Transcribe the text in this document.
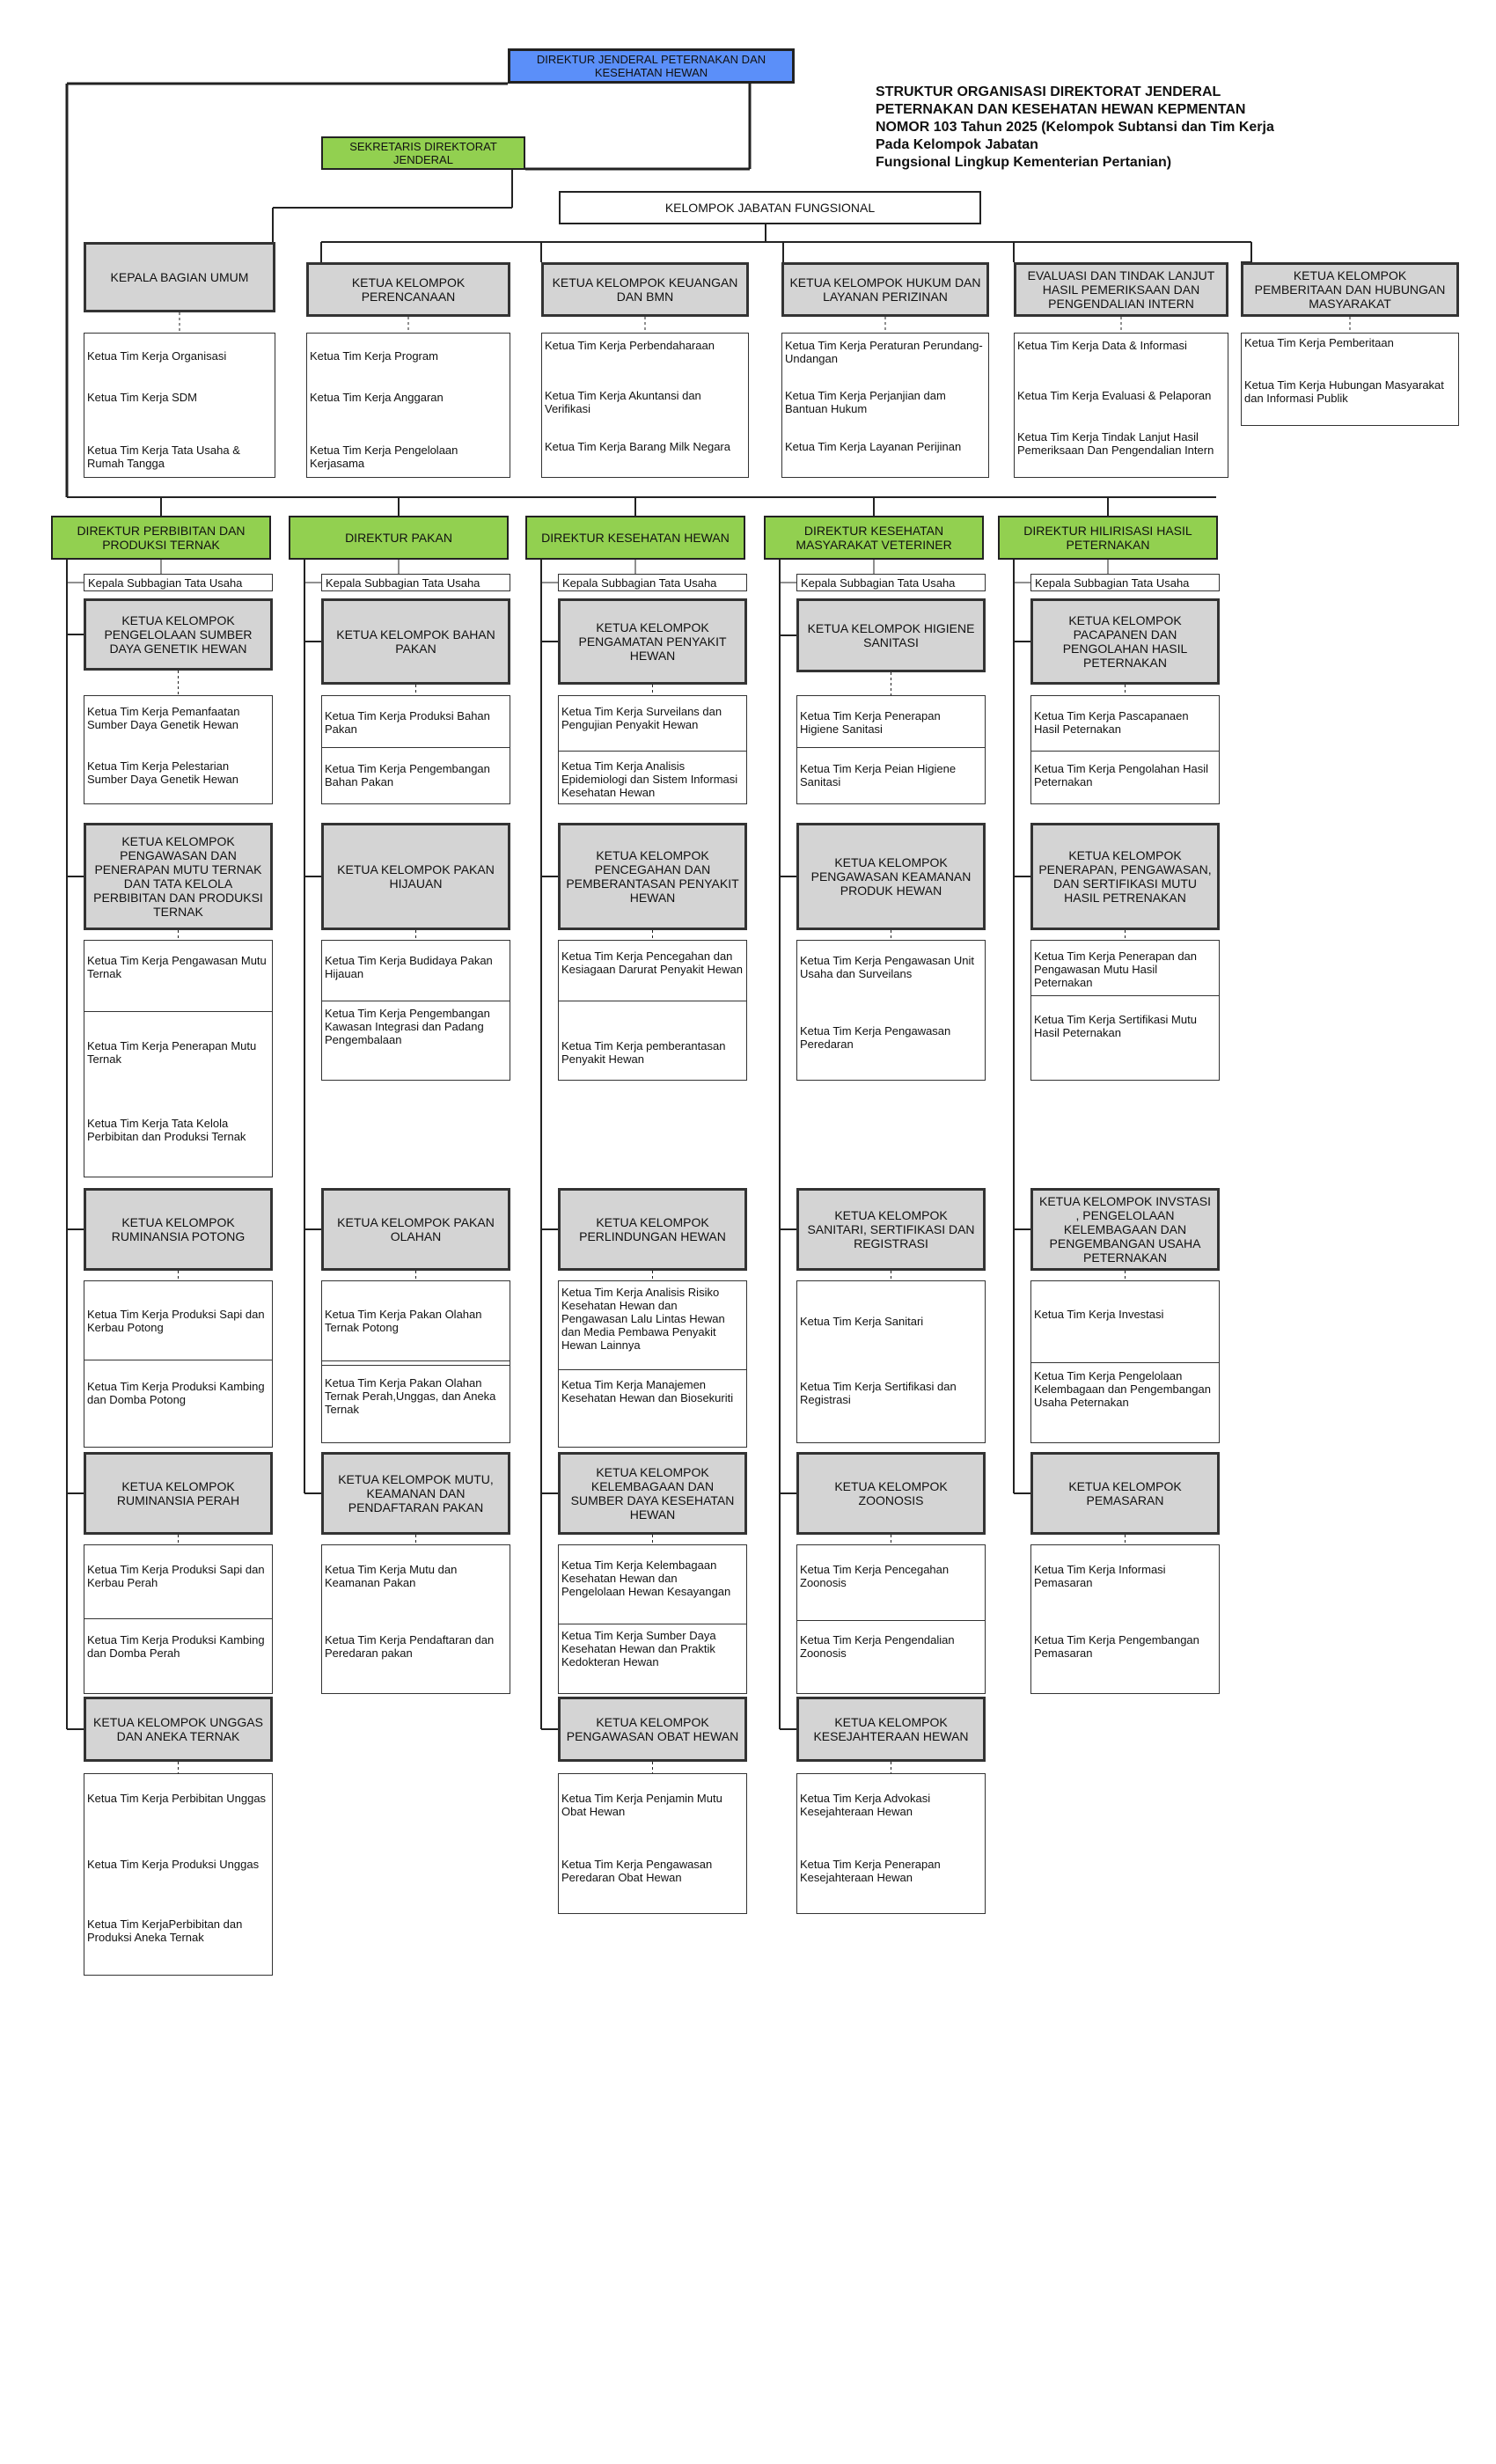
STRUKTUR ORGANISASI DIREKTORAT JENDERAL
PETERNAKAN DAN KESEHATAN HEWAN KEPMENTAN
NOMOR 103 Tahun 2025 (Kelompok Subtansi dan Tim Kerja
Pada Kelompok Jabatan
Fungsional Lingkup Kementerian Pertanian)
DIREKTUR JENDERAL PETERNAKAN DAN KESEHATAN HEWAN
SEKRETARIS DIREKTORAT JENDERAL
KELOMPOK JABATAN FUNGSIONAL
KEPALA BAGIAN UMUM
Ketua Tim Kerja Organisasi
Ketua Tim Kerja SDM
Ketua Tim Kerja Tata Usaha & Rumah Tangga
KETUA KELOMPOK PERENCANAAN
Ketua Tim Kerja Program
Ketua Tim Kerja Anggaran
Ketua Tim Kerja Pengelolaan Kerjasama
KETUA KELOMPOK KEUANGAN DAN BMN
Ketua Tim Kerja Perbendaharaan
Ketua Tim Kerja Akuntansi dan Verifikasi
Ketua Tim Kerja Barang Milk Negara
KETUA KELOMPOK HUKUM DAN LAYANAN PERIZINAN
Ketua Tim Kerja Peraturan Perundang-Undangan
Ketua Tim Kerja Perjanjian dam Bantuan Hukum
Ketua Tim Kerja Layanan Perijinan
EVALUASI DAN TINDAK LANJUT HASIL PEMERIKSAAN DAN PENGENDALIAN INTERN
Ketua Tim Kerja Data & Informasi
Ketua Tim Kerja Evaluasi & Pelaporan
Ketua Tim Kerja Tindak Lanjut Hasil Pemeriksaan Dan Pengendalian Intern
KETUA KELOMPOK PEMBERITAAN DAN HUBUNGAN MASYARAKAT
Ketua Tim Kerja Pemberitaan
Ketua Tim Kerja Hubungan Masyarakat dan Informasi Publik
DIREKTUR PERBIBITAN DAN PRODUKSI TERNAK
Kepala Subbagian Tata Usaha
KETUA KELOMPOK PENGELOLAAN SUMBER DAYA GENETIK HEWAN
Ketua Tim Kerja Pemanfaatan Sumber Daya Genetik Hewan
Ketua Tim Kerja Pelestarian Sumber Daya Genetik Hewan
KETUA KELOMPOK PENGAWASAN DAN PENERAPAN MUTU TERNAK DAN TATA KELOLA PERBIBITAN DAN PRODUKSI TERNAK
Ketua Tim Kerja Pengawasan Mutu Ternak
Ketua Tim Kerja Penerapan Mutu Ternak
Ketua Tim Kerja Tata Kelola Perbibitan dan Produksi Ternak
KETUA KELOMPOK RUMINANSIA POTONG
Ketua Tim Kerja Produksi Sapi dan Kerbau Potong
Ketua Tim Kerja Produksi Kambing dan Domba Potong
KETUA KELOMPOK RUMINANSIA PERAH
Ketua Tim Kerja Produksi Sapi dan Kerbau Perah
Ketua Tim Kerja Produksi Kambing dan Domba Perah
KETUA KELOMPOK UNGGAS DAN ANEKA TERNAK
Ketua Tim Kerja Perbibitan Unggas
Ketua Tim Kerja Produksi Unggas
Ketua Tim KerjaPerbibitan dan Produksi Aneka Ternak
DIREKTUR PAKAN
Kepala Subbagian Tata Usaha
KETUA KELOMPOK BAHAN PAKAN
Ketua Tim Kerja Produksi Bahan Pakan
Ketua Tim Kerja Pengembangan Bahan Pakan
KETUA KELOMPOK PAKAN HIJAUAN
Ketua Tim Kerja Budidaya Pakan Hijauan
Ketua Tim Kerja Pengembangan Kawasan Integrasi dan Padang Pengembalaan
KETUA KELOMPOK PAKAN OLAHAN
Ketua Tim Kerja Pakan Olahan Ternak Potong
Ketua Tim Kerja Pakan Olahan Ternak Perah,Unggas, dan Aneka Ternak
KETUA KELOMPOK MUTU, KEAMANAN DAN PENDAFTARAN PAKAN
Ketua Tim Kerja Mutu dan Keamanan Pakan
Ketua Tim Kerja Pendaftaran dan Peredaran pakan
DIREKTUR KESEHATAN HEWAN
Kepala Subbagian Tata Usaha
KETUA KELOMPOK PENGAMATAN PENYAKIT HEWAN
Ketua Tim Kerja Surveilans dan Pengujian Penyakit Hewan
Ketua Tim Kerja Analisis Epidemiologi dan Sistem Informasi Kesehatan Hewan
KETUA KELOMPOK PENCEGAHAN DAN PEMBERANTASAN PENYAKIT HEWAN
Ketua Tim Kerja Pencegahan dan Kesiagaan Darurat Penyakit Hewan
Ketua Tim Kerja pemberantasan Penyakit Hewan
KETUA KELOMPOK PERLINDUNGAN HEWAN
Ketua Tim Kerja Analisis Risiko Kesehatan Hewan dan Pengawasan Lalu Lintas Hewan dan Media Pembawa Penyakit Hewan Lainnya
Ketua Tim Kerja Manajemen Kesehatan Hewan dan Biosekuriti
KETUA KELOMPOK KELEMBAGAAN DAN SUMBER DAYA KESEHATAN HEWAN
Ketua Tim Kerja Kelembagaan Kesehatan Hewan dan Pengelolaan Hewan Kesayangan
Ketua Tim Kerja Sumber Daya Kesehatan Hewan dan Praktik Kedokteran Hewan
KETUA KELOMPOK PENGAWASAN OBAT HEWAN
Ketua Tim Kerja Penjamin Mutu Obat Hewan
Ketua Tim Kerja Pengawasan Peredaran Obat Hewan
DIREKTUR KESEHATAN MASYARAKAT VETERINER
Kepala Subbagian Tata Usaha
KETUA KELOMPOK HIGIENE SANITASI
Ketua Tim Kerja Penerapan Higiene Sanitasi
Ketua Tim Kerja Peian Higiene Sanitasi
KETUA KELOMPOK PENGAWASAN KEAMANAN PRODUK HEWAN
Ketua Tim Kerja Pengawasan Unit Usaha dan Surveilans
Ketua Tim Kerja Pengawasan Peredaran
KETUA KELOMPOK SANITARI, SERTIFIKASI DAN REGISTRASI
Ketua Tim Kerja Sanitari
Ketua Tim Kerja Sertifikasi dan Registrasi
KETUA KELOMPOK ZOONOSIS
Ketua Tim Kerja Pencegahan Zoonosis
Ketua Tim Kerja Pengendalian Zoonosis
KETUA KELOMPOK KESEJAHTERAAN HEWAN
Ketua Tim Kerja Advokasi Kesejahteraan Hewan
Ketua Tim Kerja Penerapan Kesejahteraan Hewan
DIREKTUR HILIRISASI HASIL PETERNAKAN
Kepala Subbagian Tata Usaha
KETUA KELOMPOK PACAPANEN DAN PENGOLAHAN HASIL PETERNAKAN
Ketua Tim Kerja Pascapanaen Hasil Peternakan
Ketua Tim Kerja Pengolahan Hasil Peternakan
KETUA KELOMPOK PENERAPAN, PENGAWASAN, DAN SERTIFIKASI MUTU HASIL PETRENAKAN
Ketua Tim Kerja Penerapan dan Pengawasan Mutu Hasil Peternakan
Ketua Tim Kerja Sertifikasi Mutu Hasil Peternakan
KETUA KELOMPOK INVSTASI , PENGELOLAAN KELEMBAGAAN DAN PENGEMBANGAN USAHA PETERNAKAN
Ketua Tim Kerja Investasi
Ketua Tim Kerja Pengelolaan Kelembagaan dan Pengembangan Usaha Peternakan
KETUA KELOMPOK PEMASARAN
Ketua Tim Kerja Informasi Pemasaran
Ketua Tim Kerja Pengembangan Pemasaran
